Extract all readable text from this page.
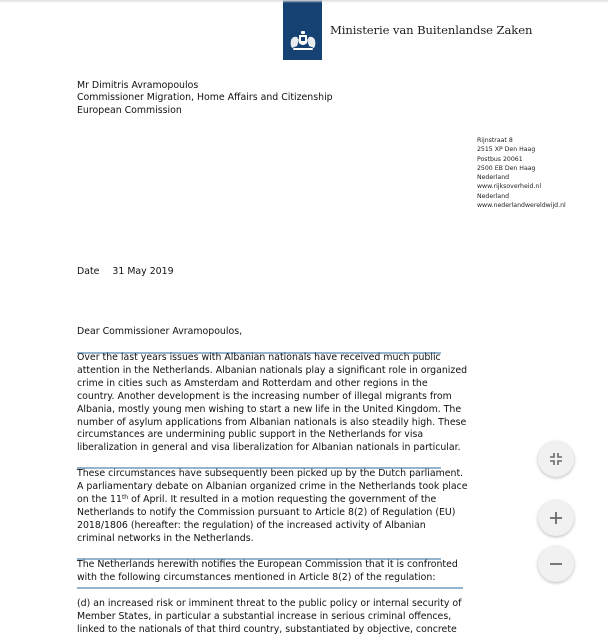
Ministerie van Buitenlandse Zaken
Mr Dimitris Avramopoulos
Commissioner Migration, Home Affairs and Citizenship
European Commission
Rijnstraat 8
2515 XP Den Haag
Postbus 20061
2500 EB Den Haag
Nederland
www.rijksoverheid.nl
Nederland
www.nederlandwereldwijd.nl
Date 31 May 2019
Dear Commissioner Avramopoulos,
Over the last years issues with Albanian nationals have received much public
attention in the Netherlands. Albanian nationals play a significant role in organized
crime in cities such as Amsterdam and Rotterdam and other regions in the
country. Another development is the increasing number of illegal migrants from
Albania, mostly young men wishing to start a new life in the United Kingdom. The
number of asylum applications from Albanian nationals is also steadily high. These
circumstances are undermining public support in the Netherlands for visa
liberalization in general and visa liberalization for Albanian nationals in particular.
These circumstances have subsequently been picked up by the Dutch parliament.
A parliamentary debate on Albanian organized crime in the Netherlands took place
on the 11th of April. It resulted in a motion requesting the government of the
Netherlands to notify the Commission pursuant to Article 8(2) of Regulation (EU)
2018/1806 (hereafter: the regulation) of the increased activity of Albanian
criminal networks in the Netherlands.
The Netherlands herewith notifies the European Commission that it is confronted
with the following circumstances mentioned in Article 8(2) of the regulation:
(d) an increased risk or imminent threat to the public policy or internal security of
Member States, in particular a substantial increase in serious criminal offences,
linked to the nationals of that third country, substantiated by objective, concrete
